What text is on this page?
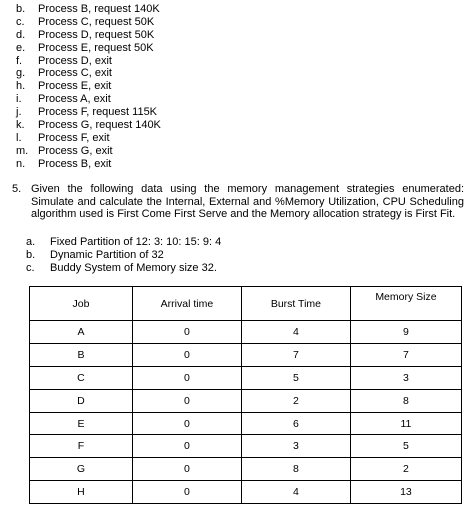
b. Process B, request 140K
c. Process C, request 50K
d. Process D, request 50K
e. Process E, request 50K
f. Process D, exit
g. Process C, exit
h. Process E, exit
i. Process A, exit
j. Process F, request 115K
k. Process G, request 140K
l. Process F, exit
m. Process G, exit
n. Process B, exit
5. Given the following data using the memory management strategies enumerated: Simulate and calculate the Internal, External and %Memory Utilization, CPU Scheduling algorithm used is First Come First Serve and the Memory allocation strategy is First Fit.
a. Fixed Partition of 12: 3: 10: 15: 9: 4
b. Dynamic Partition of 32
c. Buddy System of Memory size 32.
Job	Arrival time	Burst Time	Memory Size
A	0	4	9
B	0	7	7
C	0	5	3
D	0	2	8
E	0	6	11
F	0	3	5
G	0	8	2
H	0	4	13
